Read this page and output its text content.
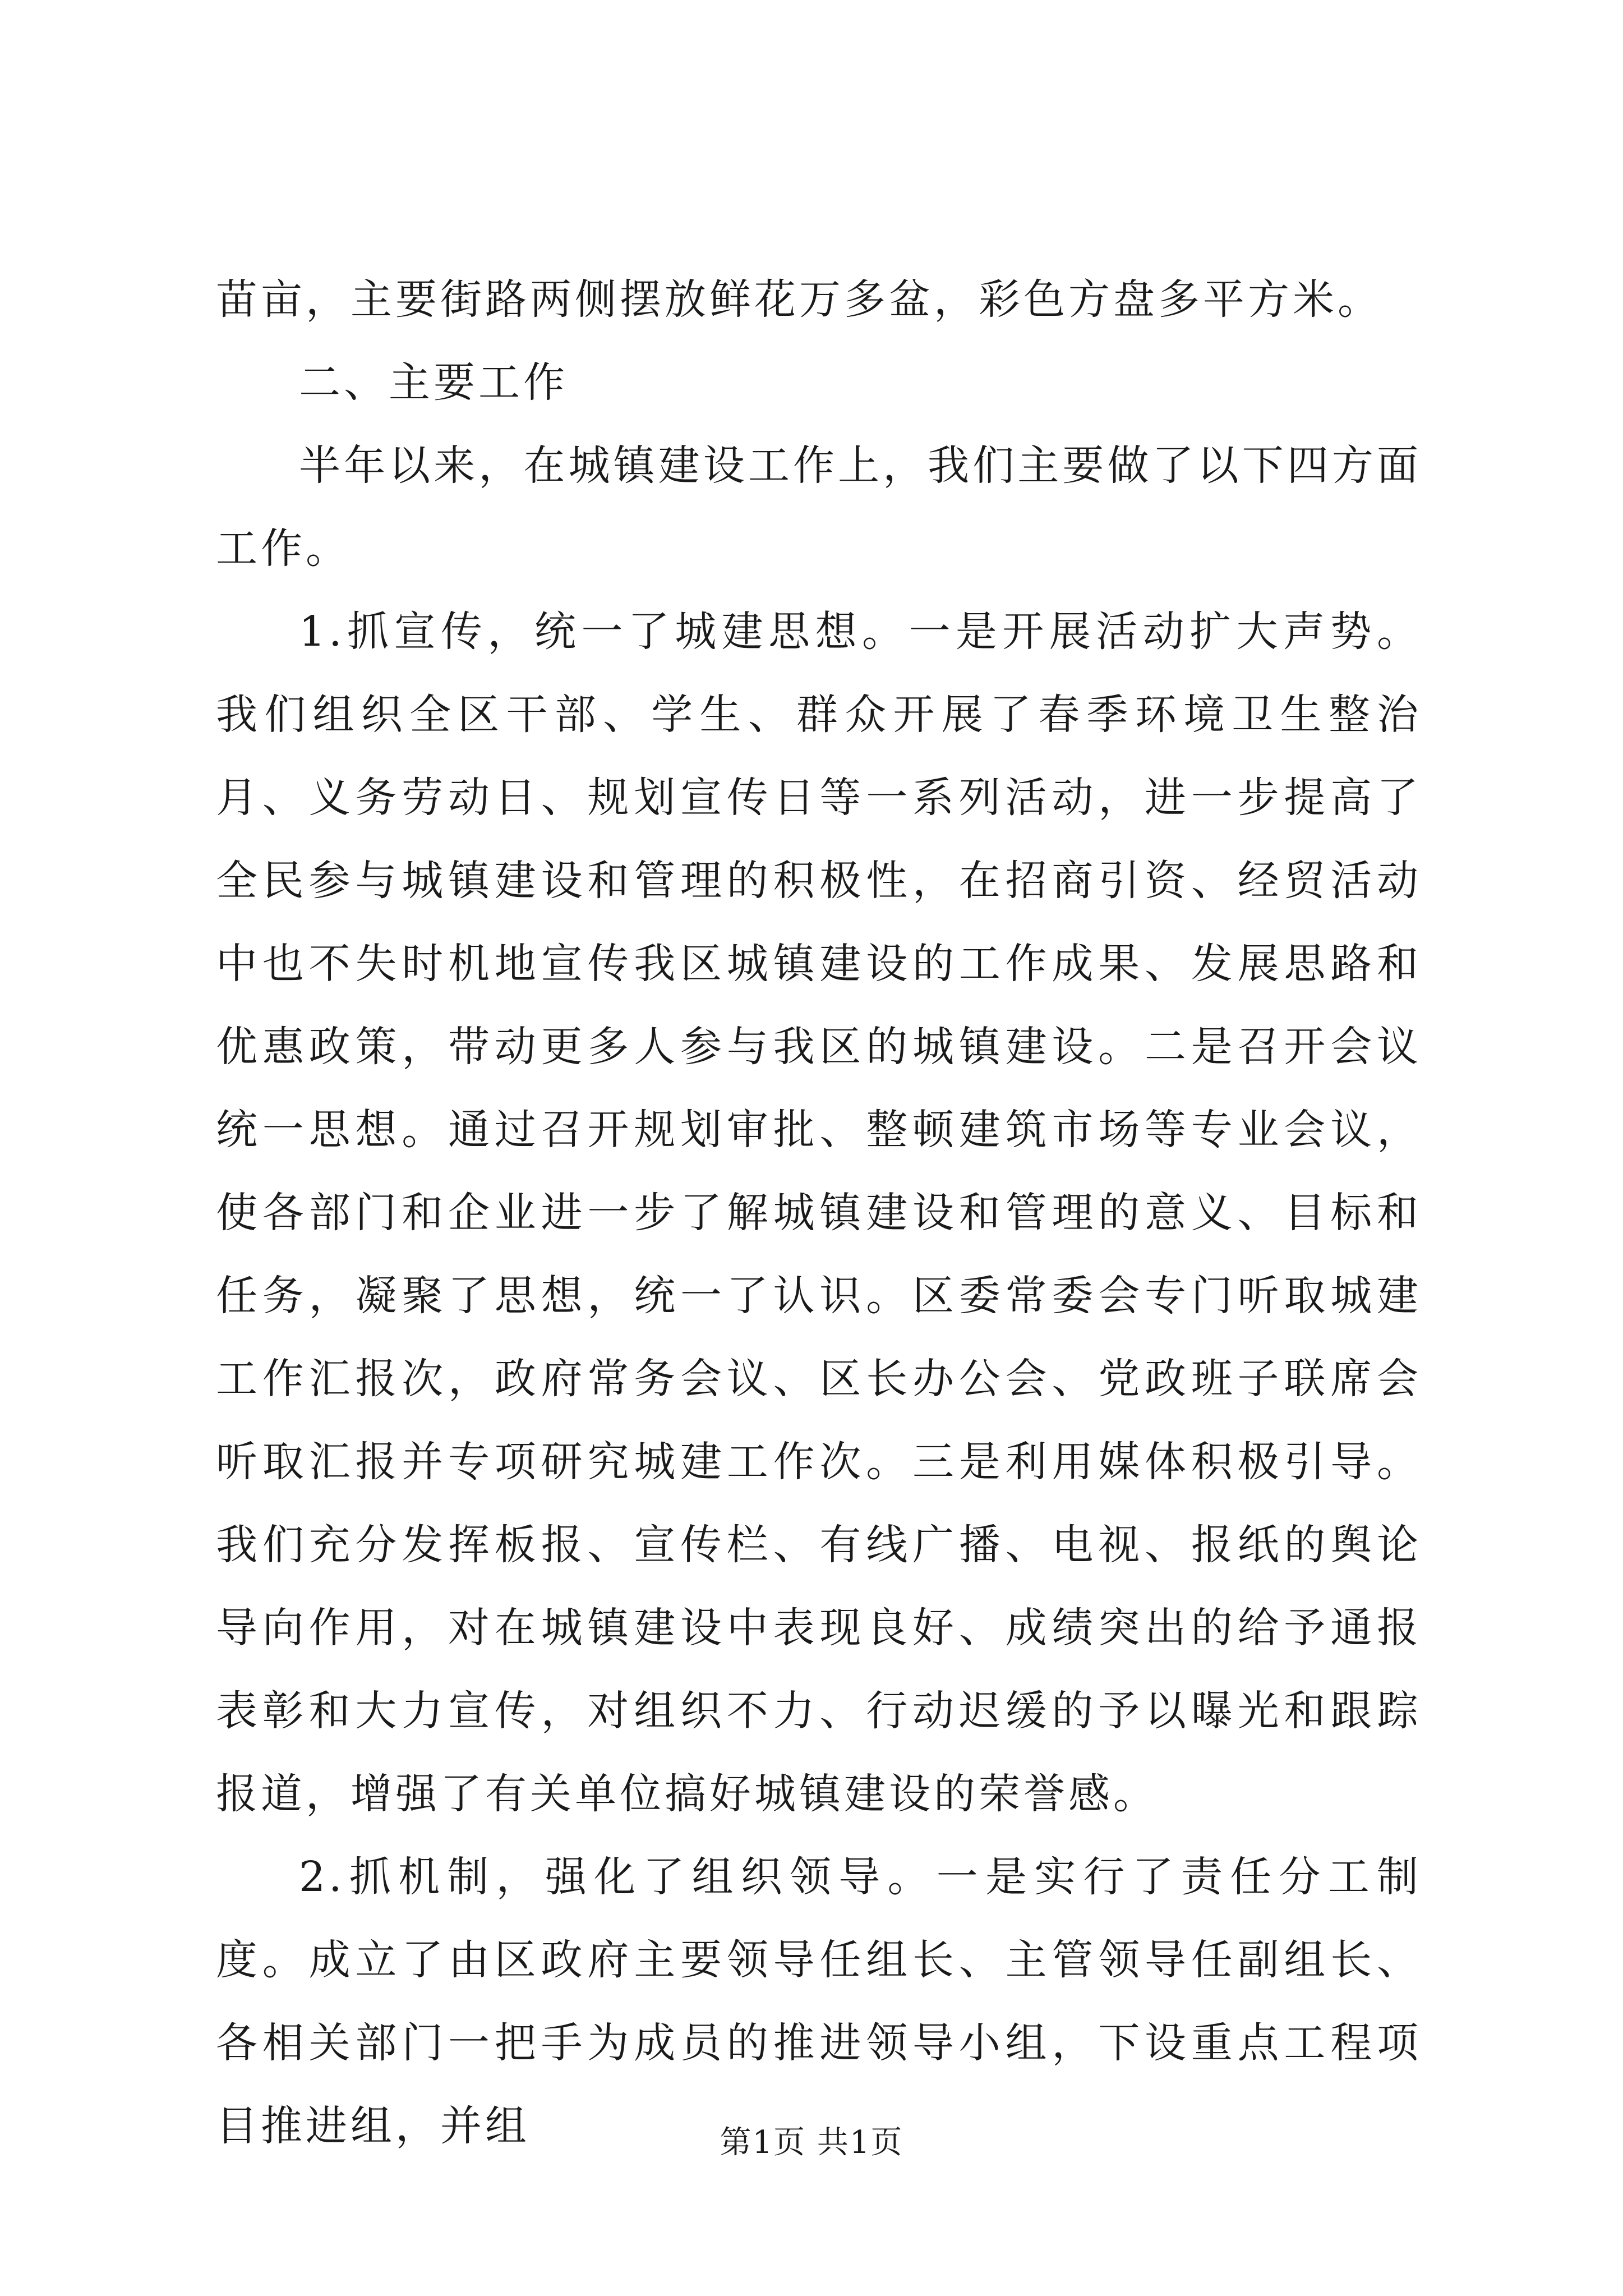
苗亩，主要街路两侧摆放鲜花万多盆，彩色方盘多平方米。

二、主要工作

半年以来，在城镇建设工作上，我们主要做了以下四方面工作。

1.抓宣传，统一了城建思想。一是开展活动扩大声势。我们组织全区干部、学生、群众开展了春季环境卫生整治月、义务劳动日、规划宣传日等一系列活动，进一步提高了全民参与城镇建设和管理的积极性，在招商引资、经贸活动中也不失时机地宣传我区城镇建设的工作成果、发展思路和优惠政策，带动更多人参与我区的城镇建设。二是召开会议统一思想。通过召开规划审批、整顿建筑市场等专业会议，使各部门和企业进一步了解城镇建设和管理的意义、目标和任务，凝聚了思想，统一了认识。区委常委会专门听取城建工作汇报次，政府常务会议、区长办公会、党政班子联席会听取汇报并专项研究城建工作次。三是利用媒体积极引导。我们充分发挥板报、宣传栏、有线广播、电视、报纸的舆论导向作用，对在城镇建设中表现良好、成绩突出的给予通报表彰和大力宣传，对组织不力、行动迟缓的予以曝光和跟踪报道，增强了有关单位搞好城镇建设的荣誉感。

2.抓机制，强化了组织领导。一是实行了责任分工制度。成立了由区政府主要领导任组长、主管领导任副组长、各相关部门一把手为成员的推进领导小组，下设重点工程项目推进组，并组	第1页 共1页
